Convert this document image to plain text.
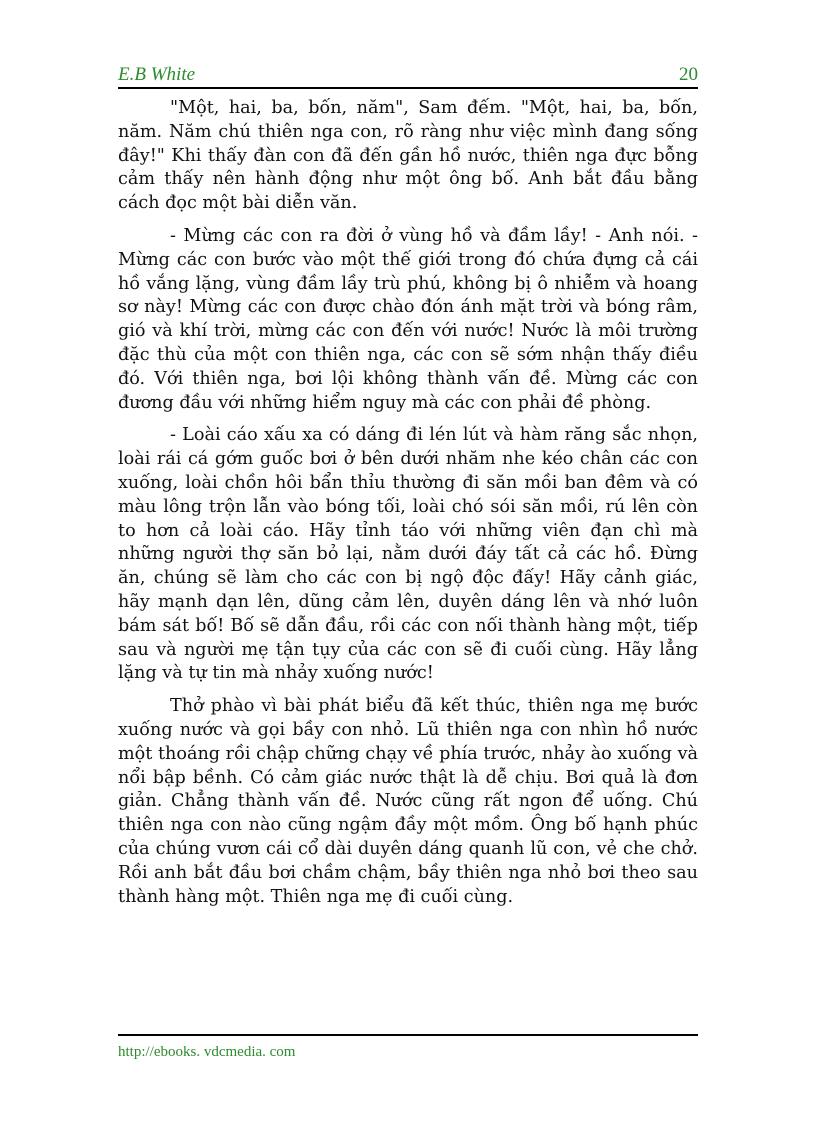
E.B White	20

"Một, hai, ba, bốn, năm", Sam đếm. "Một, hai, ba, bốn, năm. Năm chú thiên nga con, rõ ràng như việc mình đang sống đây!" Khi thấy đàn con đã đến gần hồ nước, thiên nga đực bỗng cảm thấy nên hành động như một ông bố. Anh bắt đầu bằng cách đọc một bài diễn văn.

- Mừng các con ra đời ở vùng hồ và đầm lầy! - Anh nói. - Mừng các con bước vào một thế giới trong đó chứa đựng cả cái hồ vắng lặng, vùng đầm lầy trù phú, không bị ô nhiễm và hoang sơ này! Mừng các con được chào đón ánh mặt trời và bóng râm, gió và khí trời, mừng các con đến với nước! Nước là môi trường đặc thù của một con thiên nga, các con sẽ sớm nhận thấy điều đó. Với thiên nga, bơi lội không thành vấn đề. Mừng các con đương đầu với những hiểm nguy mà các con phải đề phòng.

- Loài cáo xấu xa có dáng đi lén lút và hàm răng sắc nhọn, loài rái cá gớm guốc bơi ở bên dưới nhăm nhe kéo chân các con xuống, loài chồn hôi bẩn thỉu thường đi săn mồi ban đêm và có màu lông trộn lẫn vào bóng tối, loài chó sói săn mồi, rú lên còn to hơn cả loài cáo. Hãy tỉnh táo với những viên đạn chì mà những người thợ săn bỏ lại, nằm dưới đáy tất cả các hồ. Đừng ăn, chúng sẽ làm cho các con bị ngộ độc đấy! Hãy cảnh giác, hãy mạnh dạn lên, dũng cảm lên, duyên dáng lên và nhớ luôn bám sát bố! Bố sẽ dẫn đầu, rồi các con nối thành hàng một, tiếp sau và người mẹ tận tụy của các con sẽ đi cuối cùng. Hãy lẳng lặng và tự tin mà nhảy xuống nước!

Thở phào vì bài phát biểu đã kết thúc, thiên nga mẹ bước xuống nước và gọi bầy con nhỏ. Lũ thiên nga con nhìn hồ nước một thoáng rồi chập chững chạy về phía trước, nhảy ào xuống và nổi bập bềnh. Có cảm giác nước thật là dễ chịu. Bơi quả là đơn giản. Chẳng thành vấn đề. Nước cũng rất ngon để uống. Chú thiên nga con nào cũng ngậm đầy một mồm. Ông bố hạnh phúc của chúng vươn cái cổ dài duyên dáng quanh lũ con, vẻ che chở. Rồi anh bắt đầu bơi chầm chậm, bầy thiên nga nhỏ bơi theo sau thành hàng một. Thiên nga mẹ đi cuối cùng.

http://ebooks. vdcmedia. com
